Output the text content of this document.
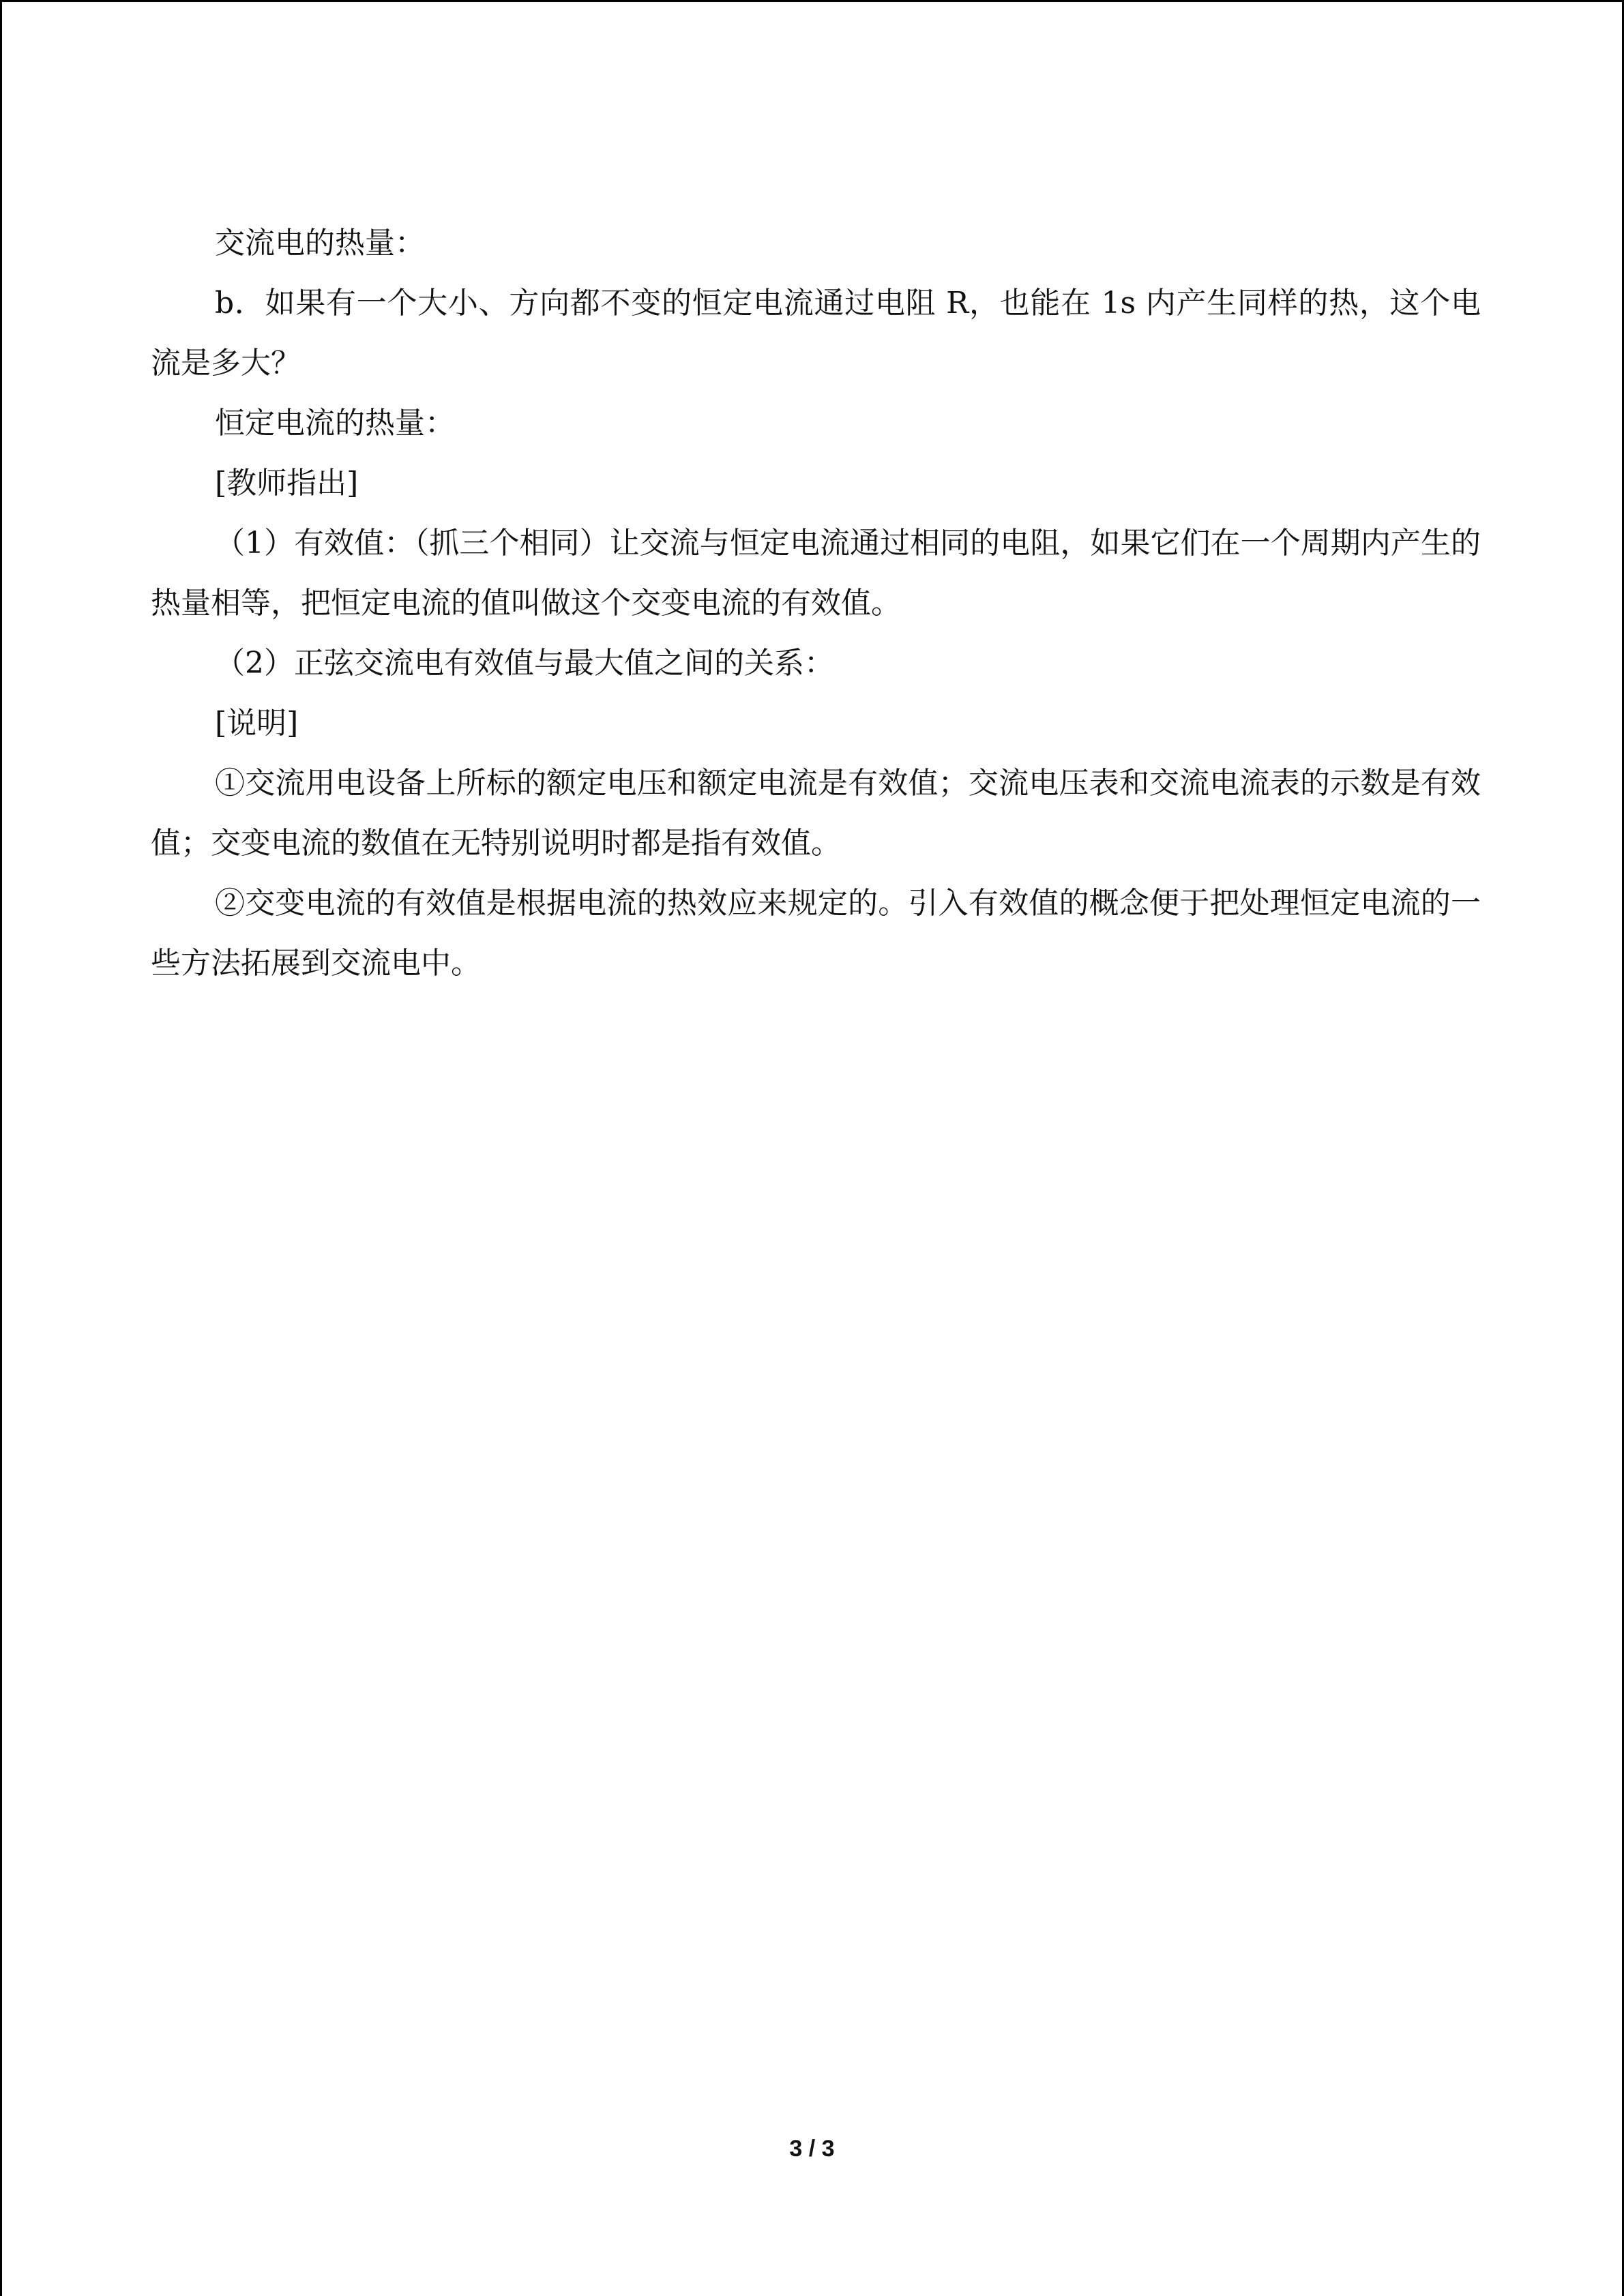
交流电的热量：

b．如果有一个大小、方向都不变的恒定电流通过电阻 R，也能在 1s 内产生同样的热，这个电流是多大？

恒定电流的热量：

[教师指出]

（1）有效值：（抓三个相同）让交流与恒定电流通过相同的电阻，如果它们在一个周期内产生的热量相等，把恒定电流的值叫做这个交变电流的有效值。

（2）正弦交流电有效值与最大值之间的关系：

[说明]

①交流用电设备上所标的额定电压和额定电流是有效值；交流电压表和交流电流表的示数是有效值；交变电流的数值在无特别说明时都是指有效值。

②交变电流的有效值是根据电流的热效应来规定的。引入有效值的概念便于把处理恒定电流的一些方法拓展到交流电中。

3 / 3
